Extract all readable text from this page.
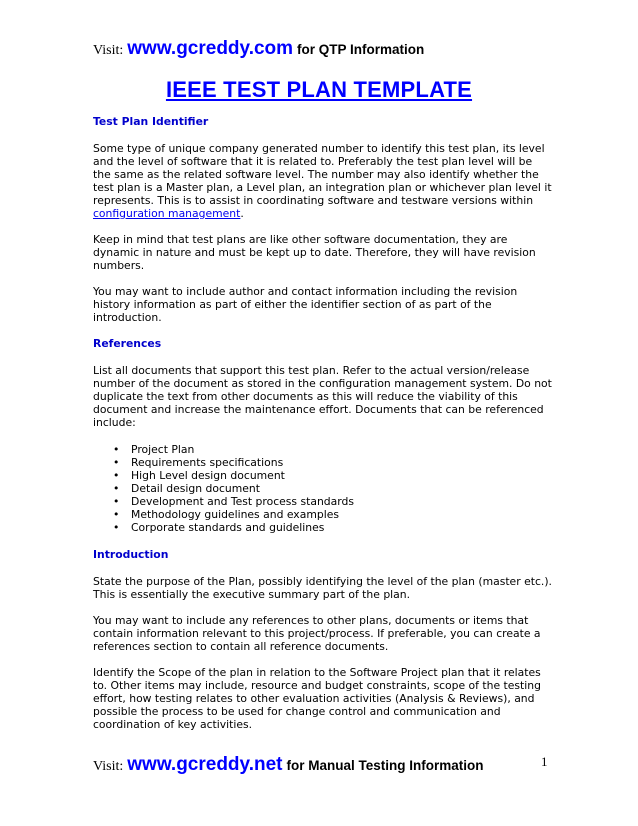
Visit: www.gcreddy.com for QTP Information
IEEE TEST PLAN TEMPLATE
Test Plan Identifier

Some type of unique company generated number to identify this test plan, its level and the level of software that it is related to. Preferably the test plan level will be the same as the related software level. The number may also identify whether the test plan is a Master plan, a Level plan, an integration plan or whichever plan level it represents. This is to assist in coordinating software and testware versions within configuration management.

Keep in mind that test plans are like other software documentation, they are dynamic in nature and must be kept up to date. Therefore, they will have revision numbers.

You may want to include author and contact information including the revision history information as part of either the identifier section of as part of the introduction.

References

List all documents that support this test plan. Refer to the actual version/release number of the document as stored in the configuration management system. Do not duplicate the text from other documents as this will reduce the viability of this document and increase the maintenance effort. Documents that can be referenced include:

• Project Plan
• Requirements specifications
• High Level design document
• Detail design document
• Development and Test process standards
• Methodology guidelines and examples
• Corporate standards and guidelines
Introduction

State the purpose of the Plan, possibly identifying the level of the plan (master etc.). This is essentially the executive summary part of the plan.

You may want to include any references to other plans, documents or items that contain information relevant to this project/process. If preferable, you can create a references section to contain all reference documents.

Identify the Scope of the plan in relation to the Software Project plan that it relates to. Other items may include, resource and budget constraints, scope of the testing effort, how testing relates to other evaluation activities (Analysis & Reviews), and possible the process to be used for change control and communication and coordination of key activities.

Visit: www.gcreddy.net for Manual Testing Information	1
